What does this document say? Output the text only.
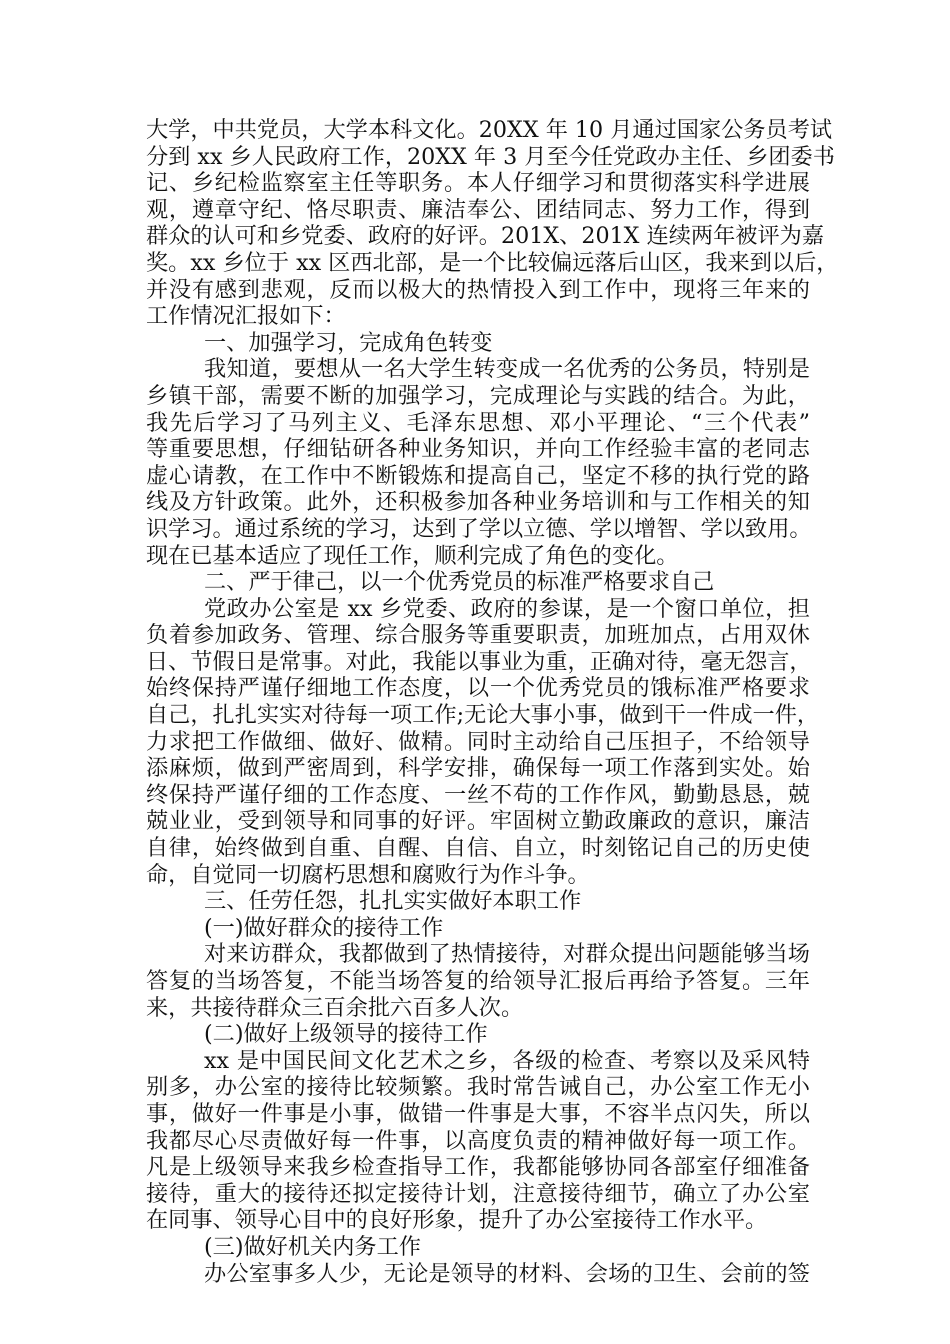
大学，中共党员，大学本科文化。20XX 年 10 月通过国家公务员考试
分到 xx 乡人民政府工作，20XX 年 3 月至今任党政办主任、乡团委书
记、乡纪检监察室主任等职务。本人仔细学习和贯彻落实科学进展
观，遵章守纪、恪尽职责、廉洁奉公、团结同志、努力工作，得到
群众的认可和乡党委、政府的好评。201X、201X 连续两年被评为嘉
奖。xx 乡位于 xx 区西北部，是一个比较偏远落后山区，我来到以后，
并没有感到悲观，反而以极大的热情投入到工作中，现将三年来的
工作情况汇报如下：
一、加强学习，完成角色转变
我知道，要想从一名大学生转变成一名优秀的公务员，特别是
乡镇干部，需要不断的加强学习，完成理论与实践的结合。为此，
我先后学习了马列主义、毛泽东思想、邓小平理论、“三个代表”
等重要思想，仔细钻研各种业务知识，并向工作经验丰富的老同志
虚心请教，在工作中不断锻炼和提高自己，坚定不移的执行党的路
线及方针政策。此外，还积极参加各种业务培训和与工作相关的知
识学习。通过系统的学习，达到了学以立德、学以增智、学以致用。
现在已基本适应了现任工作，顺利完成了角色的变化。
二、严于律己，以一个优秀党员的标准严格要求自己
党政办公室是 xx 乡党委、政府的参谋，是一个窗口单位，担
负着参加政务、管理、综合服务等重要职责，加班加点，占用双休
日、节假日是常事。对此，我能以事业为重，正确对待，毫无怨言，
始终保持严谨仔细地工作态度，以一个优秀党员的饿标准严格要求
自己，扎扎实实对待每一项工作;无论大事小事，做到干一件成一件，
力求把工作做细、做好、做精。同时主动给自己压担子，不给领导
添麻烦，做到严密周到，科学安排，确保每一项工作落到实处。始
终保持严谨仔细的工作态度、一丝不苟的工作作风，勤勤恳恳，兢
兢业业，受到领导和同事的好评。牢固树立勤政廉政的意识，廉洁
自律，始终做到自重、自醒、自信、自立，时刻铭记自己的历史使
命，自觉同一切腐朽思想和腐败行为作斗争。
三、任劳任怨，扎扎实实做好本职工作
(一)做好群众的接待工作
对来访群众，我都做到了热情接待，对群众提出问题能够当场
答复的当场答复，不能当场答复的给领导汇报后再给予答复。三年
来，共接待群众三百余批六百多人次。
(二)做好上级领导的接待工作
xx 是中国民间文化艺术之乡，各级的检查、考察以及采风特
别多，办公室的接待比较频繁。我时常告诫自己，办公室工作无小
事，做好一件事是小事，做错一件事是大事，不容半点闪失，所以
我都尽心尽责做好每一件事，以高度负责的精神做好每一项工作。
凡是上级领导来我乡检查指导工作，我都能够协同各部室仔细准备
接待，重大的接待还拟定接待计划，注意接待细节，确立了办公室
在同事、领导心目中的良好形象，提升了办公室接待工作水平。
(三)做好机关内务工作
办公室事多人少，无论是领导的材料、会场的卫生、会前的签
